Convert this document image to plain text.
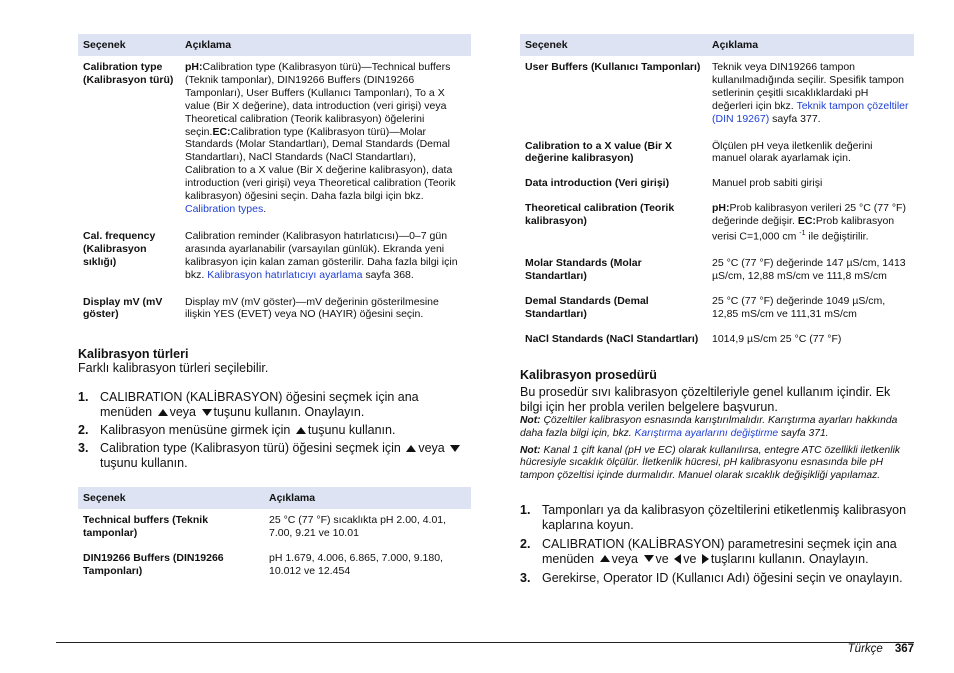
Seçenek	Açıklama
Calibration type (Kalibrasyon türü)	pH:Calibration type (Kalibrasyon türü)—Technical buffers (Teknik tamponlar), DIN19266 Buffers (DIN19266 Tamponları), User Buffers (Kullanıcı Tamponları), To a X value (Bir X değerine), data introduction (veri girişi) veya Theoretical calibration (Teorik kalibrasyon) öğelerini seçin.EC:Calibration type (Kalibrasyon türü)—Molar Standards (Molar Standartları), Demal Standards (Demal Standartları), NaCl Standards (NaCl Standartları), Calibration to a X value (Bir X değerine kalibrasyon), data introduction (veri girişi) veya Theoretical calibration (Teorik kalibrasyon) öğesini seçin. Daha fazla bilgi için bkz. Calibration types.
Cal. frequency (Kalibrasyon sıklığı)	Calibration reminder (Kalibrasyon hatırlatıcısı)—0–7 gün arasında ayarlanabilir (varsayılan günlük). Ekranda yeni kalibrasyon için kalan zaman gösterilir. Daha fazla bilgi için bkz. Kalibrasyon hatırlatıcıyı ayarlama sayfa 368.
Display mV (mV göster)	Display mV (mV göster)—mV değerinin gösterilmesine ilişkin YES (EVET) veya NO (HAYIR) öğesini seçin.
Kalibrasyon türleri

Farklı kalibrasyon türleri seçilebilir.

1. CALIBRATION (KALİBRASYON) öğesini seçmek için ana menüden veya tuşunu kullanın. Onaylayın.
2. Kalibrasyon menüsüne girmek için tuşunu kullanın.
3. Calibration type (Kalibrasyon türü) öğesini seçmek için veya tuşunu kullanın.
Seçenek	Açıklama
Technical buffers (Teknik tamponlar)	25 °C (77 °F) sıcaklıkta pH 2.00, 4.01, 7.00, 9.21 ve 10.01
DIN19266 Buffers (DIN19266 Tamponları)	pH 1.679, 4.006, 6.865, 7.000, 9.180, 10.012 ve 12.454
Seçenek	Açıklama
User Buffers (Kullanıcı Tamponları)	Teknik veya DIN19266 tampon kullanılmadığında seçilir. Spesifik tampon setlerinin çeşitli sıcaklıklardaki pH değerleri için bkz. Teknik tampon çözeltiler (DIN 19267) sayfa 377.
Calibration to a X value (Bir X değerine kalibrasyon)	Ölçülen pH veya iletkenlik değerini manuel olarak ayarlamak için.
Data introduction (Veri girişi)	Manuel prob sabiti girişi
Theoretical calibration (Teorik kalibrasyon)	pH:Prob kalibrasyon verileri 25 °C (77 °F) değerinde değişir. EC:Prob kalibrasyon verisi C=1,000 cm $^{-1}$ ile değiştirilir.
Molar Standards (Molar Standartları)	25 °C (77 °F) değerinde 147 µS/cm, 1413 µS/cm, 12,88 mS/cm ve 111,8 mS/cm
Demal Standards (Demal Standartları)	25 °C (77 °F) değerinde 1049 µS/cm, 12,85 mS/cm ve 111,31 mS/cm
NaCl Standards (NaCl Standartları)	1014,9 µS/cm 25 °C (77 °F)
Kalibrasyon prosedürü

Bu prosedür sıvı kalibrasyon çözeltileriyle genel kullanım içindir. Ek bilgi için her probla verilen belgelere başvurun.

Not: Çözeltiler kalibrasyon esnasında karıştırılmalıdır. Karıştırma ayarları hakkında daha fazla bilgi için, bkz. Karıştırma ayarlarını değiştirme sayfa 371.

Not: Kanal 1 çift kanal (pH ve EC) olarak kullanılırsa, entegre ATC özellikli iletkenlik hücresiyle sıcaklık ölçülür. İletkenlik hücresi, pH kalibrasyonu esnasında bile pH tampon çözeltisi içinde durmalıdır. Manuel olarak sıcaklık değişikliği yapılamaz.

1. Tamponları ya da kalibrasyon çözeltilerini etiketlenmiş kalibrasyon kaplarına koyun.
2. CALIBRATION (KALİBRASYON) parametresini seçmek için ana menüden veya ve ve tuşlarını kullanın. Onaylayın.
3. Gerekirse, Operator ID (Kullanıcı Adı) öğesini seçin ve onaylayın.
Türkçe 367
